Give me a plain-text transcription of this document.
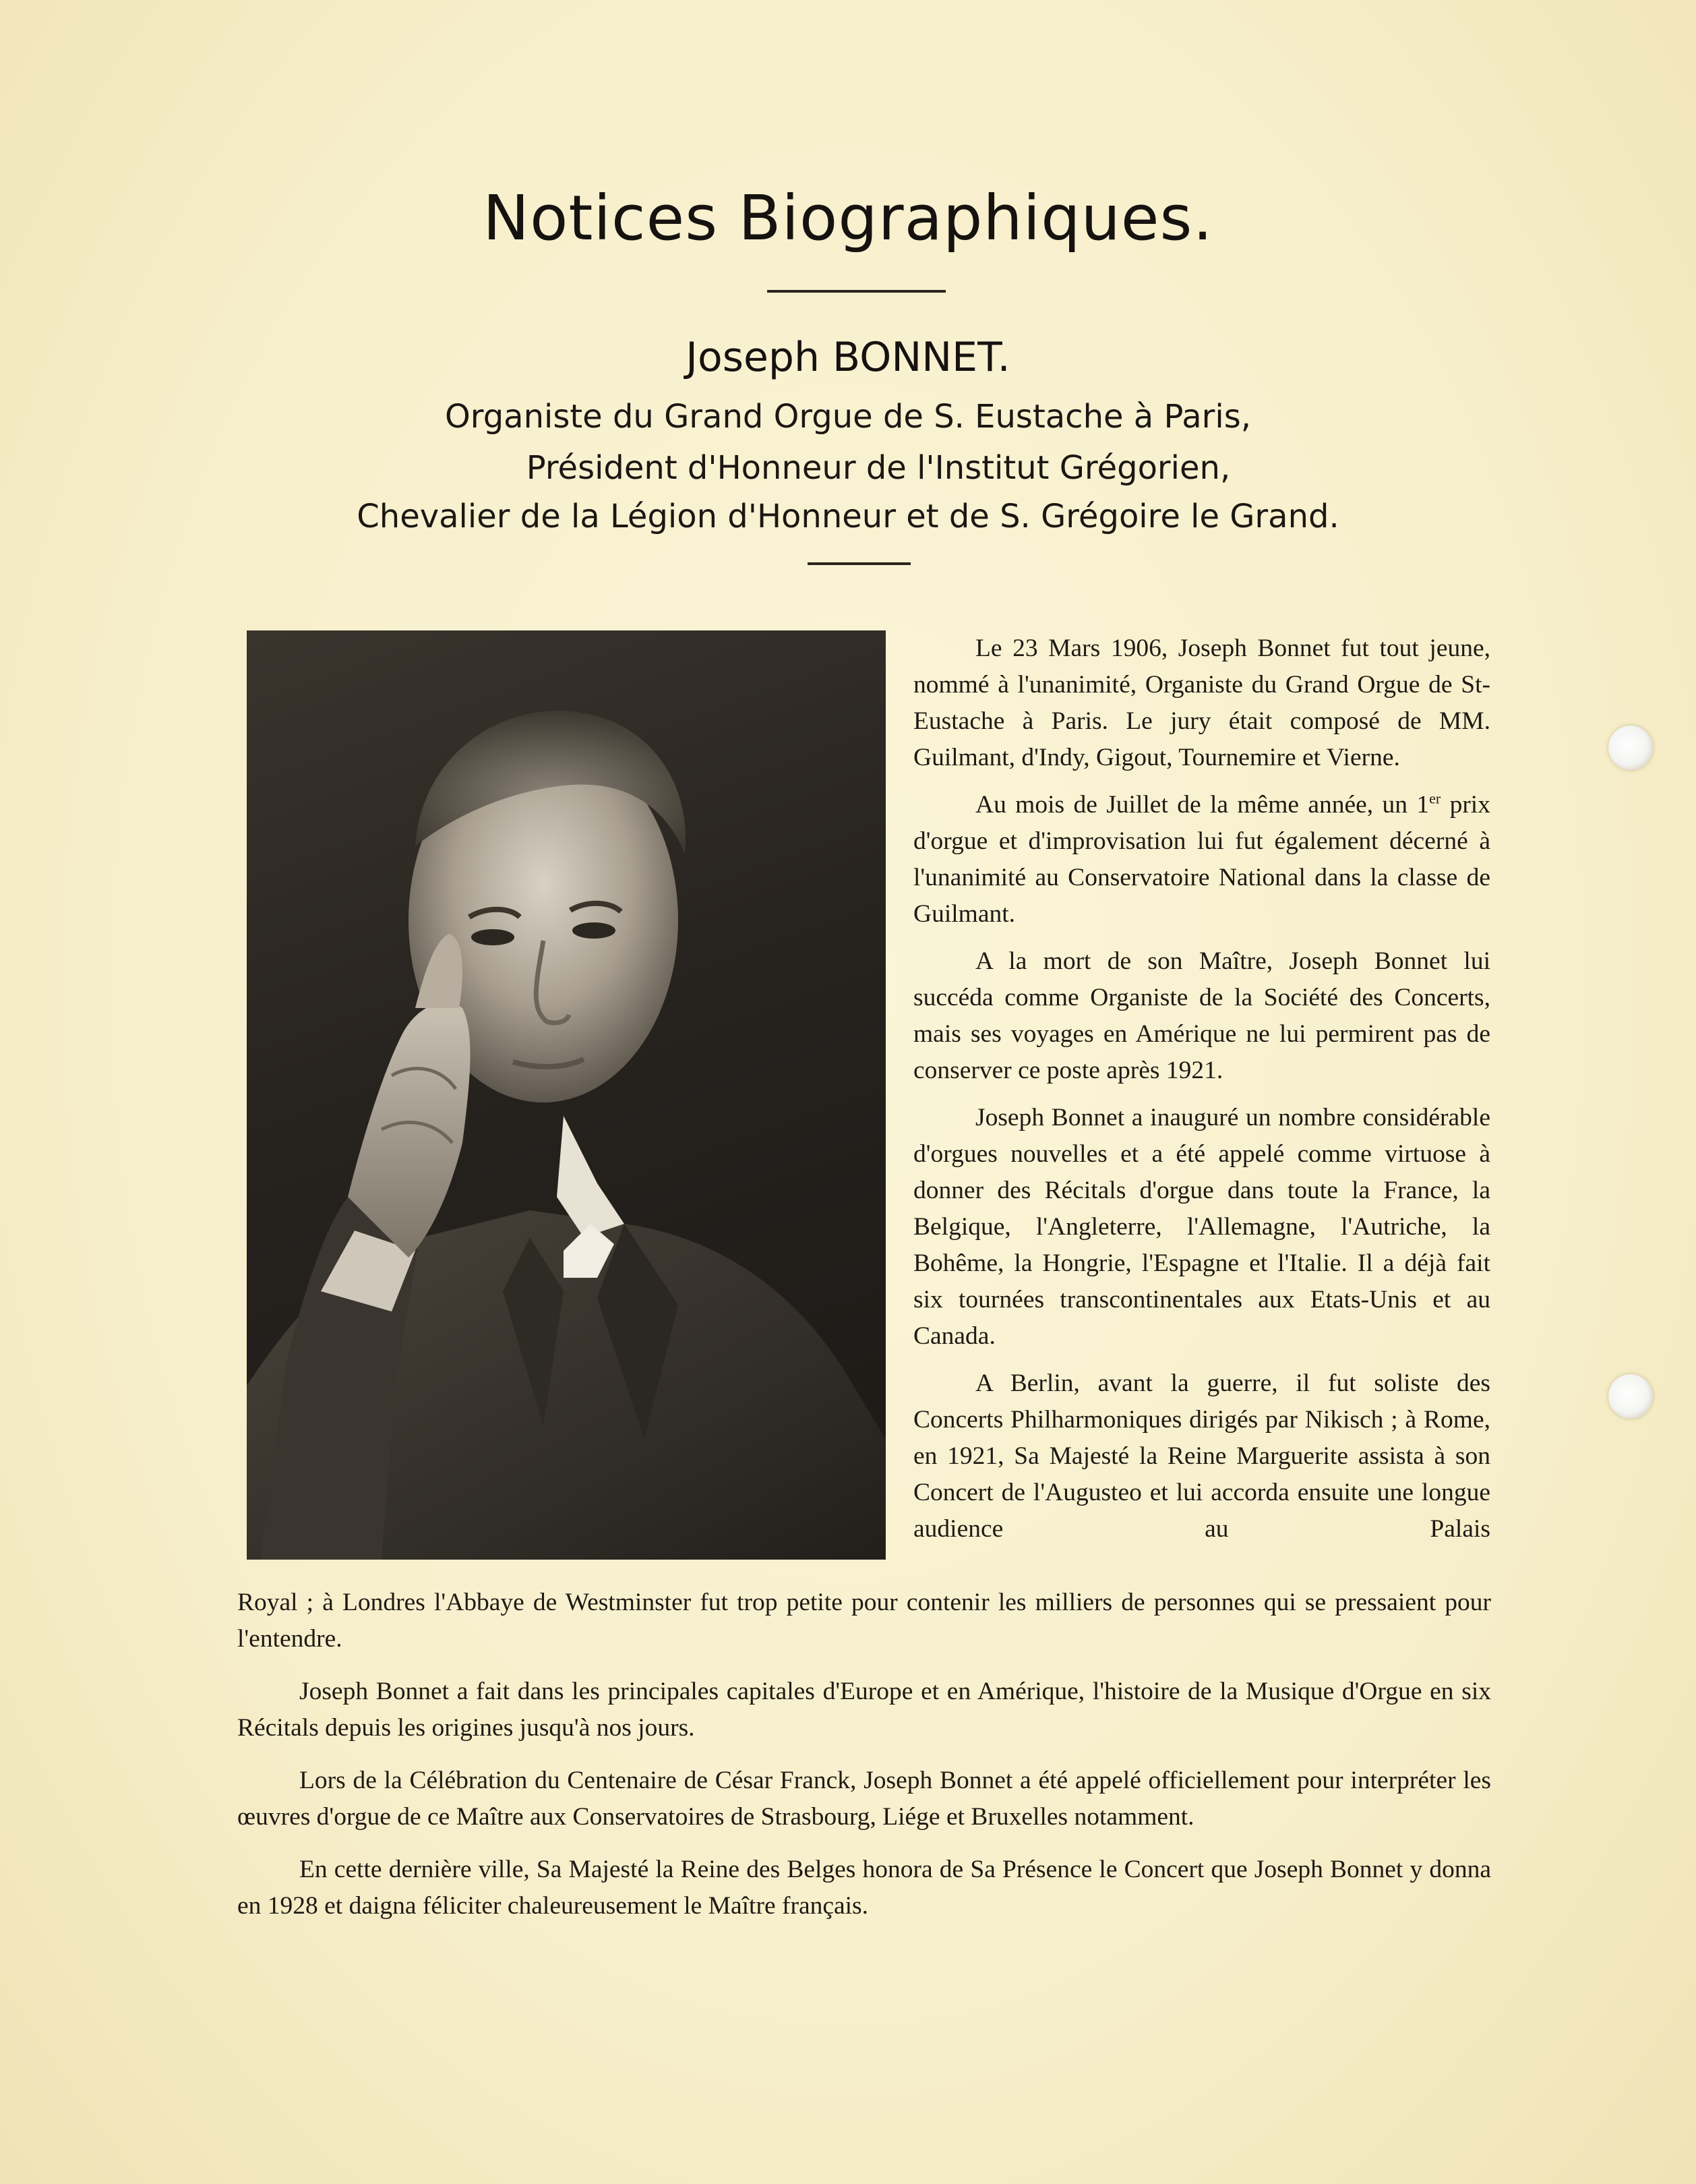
Notices Biographiques.
Joseph BONNET.
Organiste du Grand Orgue de S. Eustache à Paris,
Président d'Honneur de l'Institut Grégorien,
Chevalier de la Légion d'Honneur et de S. Grégoire le Grand.

Le 23 Mars 1906, Joseph Bonnet fut tout jeune, nommé à l'unanimité, Organiste du Grand Orgue de St-Eustache à Paris. Le jury était composé de MM. Guilmant, d'Indy, Gigout, Tournemire et Vierne.

Au mois de Juillet de la même année, un 1er prix d'orgue et d'improvisation lui fut également décerné à l'unanimité au Conservatoire National dans la classe de Guilmant.

A la mort de son Maître, Joseph Bonnet lui succéda comme Organiste de la Société des Concerts, mais ses voyages en Amérique ne lui permirent pas de conserver ce poste après 1921.

Joseph Bonnet a inauguré un nombre considérable d'orgues nouvelles et a été appelé comme virtuose à donner des Récitals d'orgue dans toute la France, la Belgique, l'Angleterre, l'Allemagne, l'Autriche, la Bohême, la Hongrie, l'Espagne et l'Italie. Il a déjà fait six tournées transcontinentales aux Etats-Unis et au Canada.

A Berlin, avant la guerre, il fut soliste des Concerts Philharmoniques dirigés par Nikisch ; à Rome, en 1921, Sa Majesté la Reine Marguerite assista à son Concert de l'Augusteo et lui accorda ensuite une longue audience au Palais

Royal ; à Londres l'Abbaye de Westminster fut trop petite pour contenir les milliers de personnes qui se pressaient pour l'entendre.

Joseph Bonnet a fait dans les principales capitales d'Europe et en Amérique, l'histoire de la Musique d'Orgue en six Récitals depuis les origines jusqu'à nos jours.

Lors de la Célébration du Centenaire de César Franck, Joseph Bonnet a été appelé officiellement pour interpréter les œuvres d'orgue de ce Maître aux Conservatoires de Strasbourg, Liége et Bruxelles notamment.

En cette dernière ville, Sa Majesté la Reine des Belges honora de Sa Présence le Concert que Joseph Bonnet y donna en 1928 et daigna féliciter chaleureusement le Maître français.
